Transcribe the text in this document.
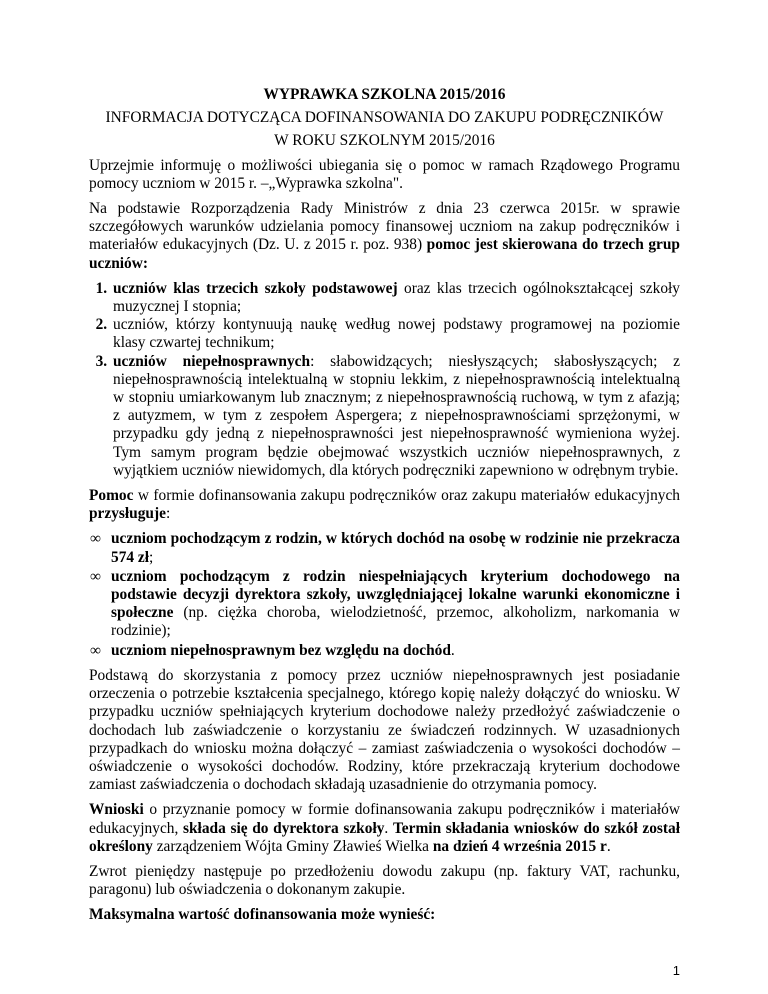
WYPRAWKA SZKOLNA 2015/2016
INFORMACJA DOTYCZĄCA DOFINANSOWANIA DO ZAKUPU PODRĘCZNIKÓW
W ROKU SZKOLNYM 2015/2016

Uprzejmie informuję o możliwości ubiegania się o pomoc w ramach Rządowego Programu pomocy uczniom w 2015 r. –„Wyprawka szkolna".

Na podstawie Rozporządzenia Rady Ministrów z dnia 23 czerwca 2015r. w sprawie szczegółowych warunków udzielania pomocy finansowej uczniom na zakup podręczników i materiałów edukacyjnych (Dz. U. z 2015 r. poz. 938) pomoc jest skierowana do trzech grup uczniów:

1. uczniów klas trzecich szkoły podstawowej oraz klas trzecich ogólnokształcącej szkoły muzycznej I stopnia;
2. uczniów, którzy kontynuują naukę według nowej podstawy programowej na poziomie klasy czwartej technikum;
3. uczniów niepełnosprawnych: słabowidzących; niesłyszących; słabosłyszących; z niepełnosprawnością intelektualną w stopniu lekkim, z niepełnosprawnością intelektualną w stopniu umiarkowanym lub znacznym; z niepełnosprawnością ruchową, w tym z afazją; z autyzmem, w tym z zespołem Aspergera; z niepełnosprawnościami sprzężonymi, w przypadku gdy jedną z niepełnosprawności jest niepełnosprawność wymieniona wyżej. Tym samym program będzie obejmować wszystkich uczniów niepełnosprawnych, z wyjątkiem uczniów niewidomych, dla których podręczniki zapewniono w odrębnym trybie.

Pomoc w formie dofinansowania zakupu podręczników oraz zakupu materiałów edukacyjnych przysługuje:

∞ uczniom pochodzącym z rodzin, w których dochód na osobę w rodzinie nie przekracza 574 zł;
∞ uczniom pochodzącym z rodzin niespełniających kryterium dochodowego na podstawie decyzji dyrektora szkoły, uwzględniającej lokalne warunki ekonomiczne i społeczne (np. ciężka choroba, wielodzietność, przemoc, alkoholizm, narkomania w rodzinie);
∞ uczniom niepełnosprawnym bez względu na dochód.

Podstawą do skorzystania z pomocy przez uczniów niepełnosprawnych jest posiadanie orzeczenia o potrzebie kształcenia specjalnego, którego kopię należy dołączyć do wniosku. W przypadku uczniów spełniających kryterium dochodowe należy przedłożyć zaświadczenie o dochodach lub zaświadczenie o korzystaniu ze świadczeń rodzinnych. W uzasadnionych przypadkach do wniosku można dołączyć – zamiast zaświadczenia o wysokości dochodów – oświadczenie o wysokości dochodów. Rodziny, które przekraczają kryterium dochodowe zamiast zaświadczenia o dochodach składają uzasadnienie do otrzymania pomocy.

Wnioski o przyznanie pomocy w formie dofinansowania zakupu podręczników i materiałów edukacyjnych, składa się do dyrektora szkoły. Termin składania wniosków do szkół został określony zarządzeniem Wójta Gminy Zławieś Wielka na dzień 4 września 2015 r.

Zwrot pieniędzy następuje po przedłożeniu dowodu zakupu (np. faktury VAT, rachunku, paragonu) lub oświadczenia o dokonanym zakupie.

Maksymalna wartość dofinansowania może wynieść:

1
